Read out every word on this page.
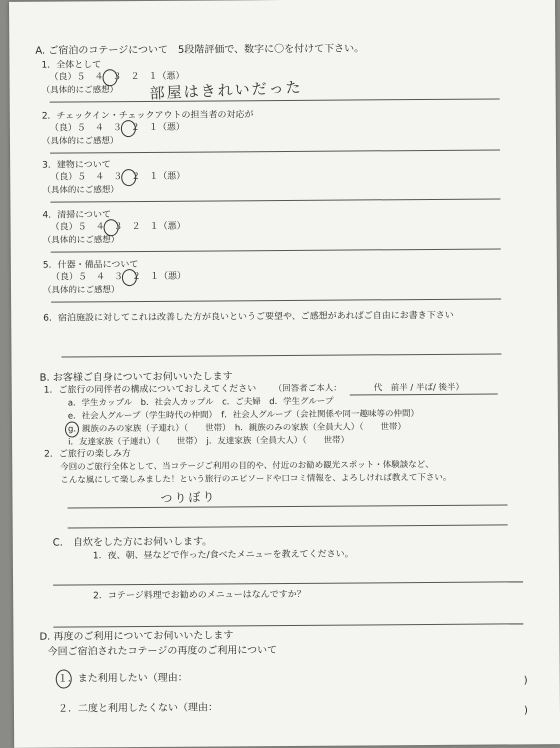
A. ご宿泊のコテージについて　5段階評価で、数字に〇を付けて下さい。
1．全体として
（良）５　４　３　２　１（悪）
（具体的にご感想） 部屋はきれいだった
2．チェックイン・チェックアウトの担当者の対応が
（良）５　４　３　２　１（悪）
（具体的にご感想）
3．建物について
（良）５　４　３　２　１（悪）
（具体的にご感想）
4．清掃について
（良）５　４　３　２　１（悪）
（具体的にご感想）
5．什器・備品について
（良）５　４　３　２　１（悪）
（具体的にご感想）
6．宿泊施設に対してこれは改善した方が良いというご要望や、ご感想があればご自由にお書き下さい
B. お客様ご自身についてお伺いいたします
1．ご旅行の同伴者の構成についておしえてください （回答者ご本人：	代　前半 / 半ば/ 後半）
a．学生カップル　b．社会人カップル　c．ご夫婦　d．学生グループ
e．社会人グループ（学生時代の仲間）　f．社会人グループ（会社関係や同一趣味等の仲間）
g．親族のみの家族（子連れ）（　　世帯）　h．親族のみの家族（全員大人）（　　世帯）
i．友達家族（子連れ）（　　世帯）　j．友達家族（全員大人）（　　世帯）
2．ご旅行の楽しみ方
今回のご旅行全体として、当コテージご利用の目的や、付近のお勧め観光スポット・体験談など、
こんな風にして楽しみました！という旅行のエピソードや口コミ情報を、よろしければ教えて下さい。
つりぼり
C.　自炊をした方にお伺いします。
1．夜、朝、昼などで作った/食べたメニューを教えてください。
2．コテージ料理でお勧めのメニューはなんですか？
D. 再度のご利用についてお伺いいたします
今回ご宿泊されたコテージの再度のご利用について
１．また利用したい（理由：	)
２．二度と利用したくない（理由：	)
